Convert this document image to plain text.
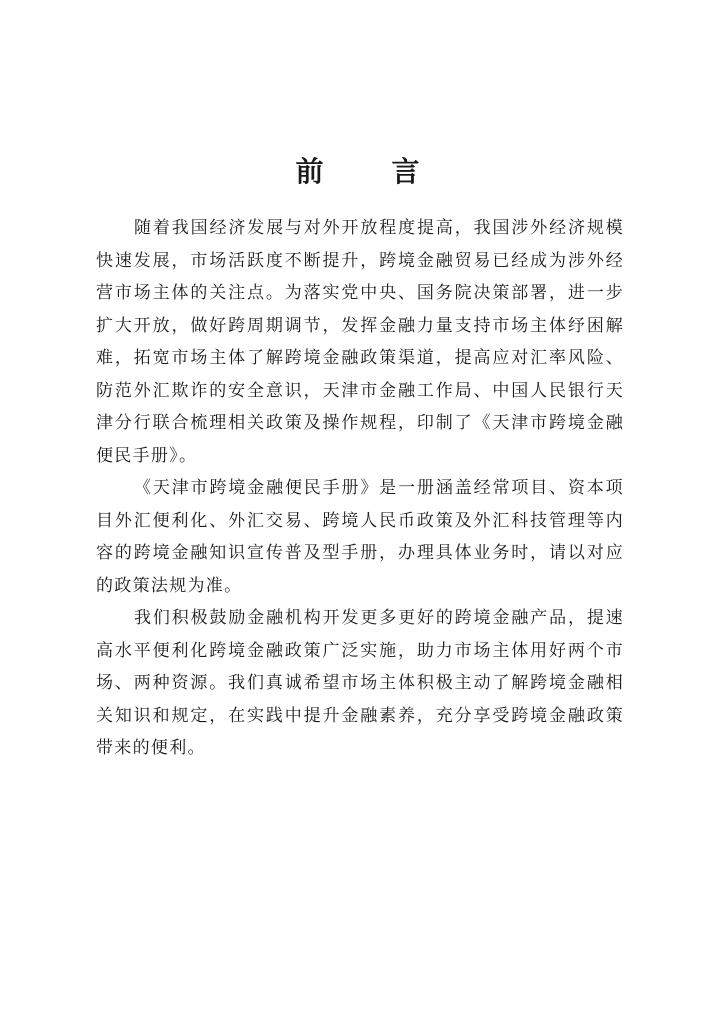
前　言

随着我国经济发展与对外开放程度提高，我国涉外经济规模快速发展，市场活跃度不断提升，跨境金融贸易已经成为涉外经营市场主体的关注点。为落实党中央、国务院决策部署，进一步扩大开放，做好跨周期调节，发挥金融力量支持市场主体纾困解难，拓宽市场主体了解跨境金融政策渠道，提高应对汇率风险、防范外汇欺诈的安全意识，天津市金融工作局、中国人民银行天津分行联合梳理相关政策及操作规程，印制了《天津市跨境金融便民手册》。

《天津市跨境金融便民手册》是一册涵盖经常项目、资本项目外汇便利化、外汇交易、跨境人民币政策及外汇科技管理等内容的跨境金融知识宣传普及型手册，办理具体业务时，请以对应的政策法规为准。

我们积极鼓励金融机构开发更多更好的跨境金融产品，提速高水平便利化跨境金融政策广泛实施，助力市场主体用好两个市场、两种资源。我们真诚希望市场主体积极主动了解跨境金融相关知识和规定，在实践中提升金融素养，充分享受跨境金融政策带来的便利。
